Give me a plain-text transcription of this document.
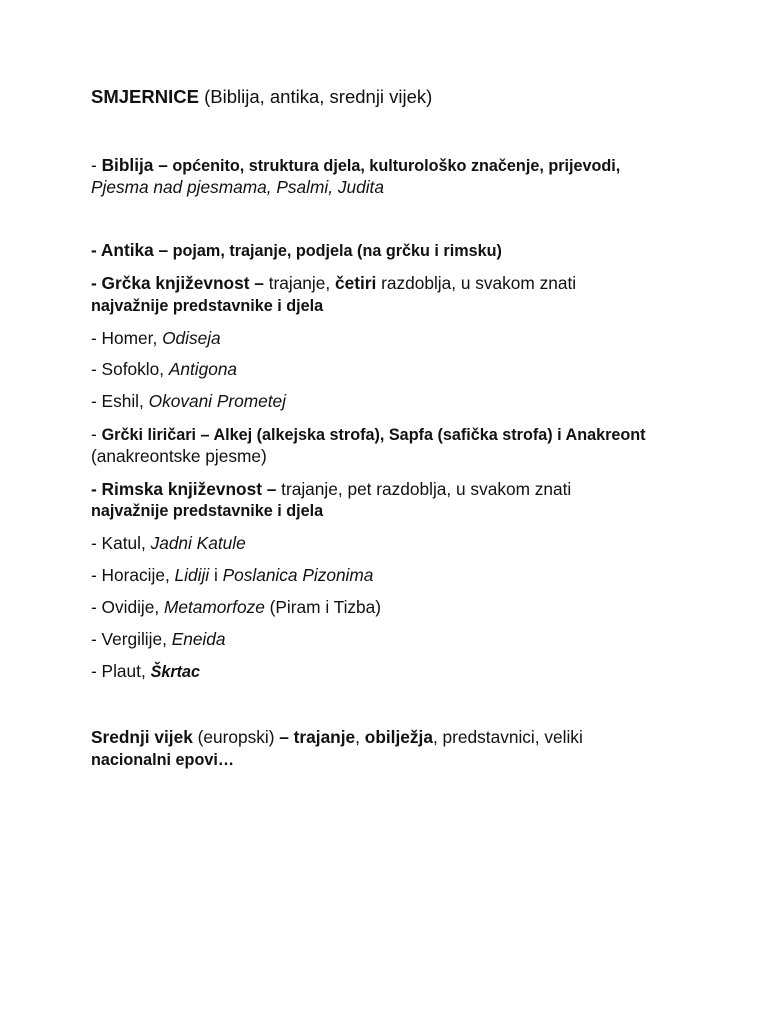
SMJERNICE (Biblija, antika, srednji vijek)
- Biblija – općenito, struktura djela, kulturološko značenje, prijevodi,
Pjesma nad pjesmama, Psalmi, Judita
- Antika – pojam, trajanje, podjela (na grčku i rimsku)
- Grčka književnost – trajanje, četiri razdoblja, u svakom znati
najvažnije predstavnike i djela
- Homer, Odiseja
- Sofoklo, Antigona
- Eshil, Okovani Prometej
- Grčki liričari – Alkej (alkejska strofa), Sapfa (safička strofa) i Anakreont
(anakreontske pjesme)
- Rimska književnost – trajanje, pet razdoblja, u svakom znati
najvažnije predstavnike i djela
- Katul, Jadni Katule
- Horacije, Lidiji i Poslanica Pizonima
- Ovidije, Metamorfoze (Piram i Tizba)
- Vergilije, Eneida
- Plaut, Škrtac
Srednji vijek (europski) – trajanje, obilježja, predstavnici, veliki
nacionalni epovi…
